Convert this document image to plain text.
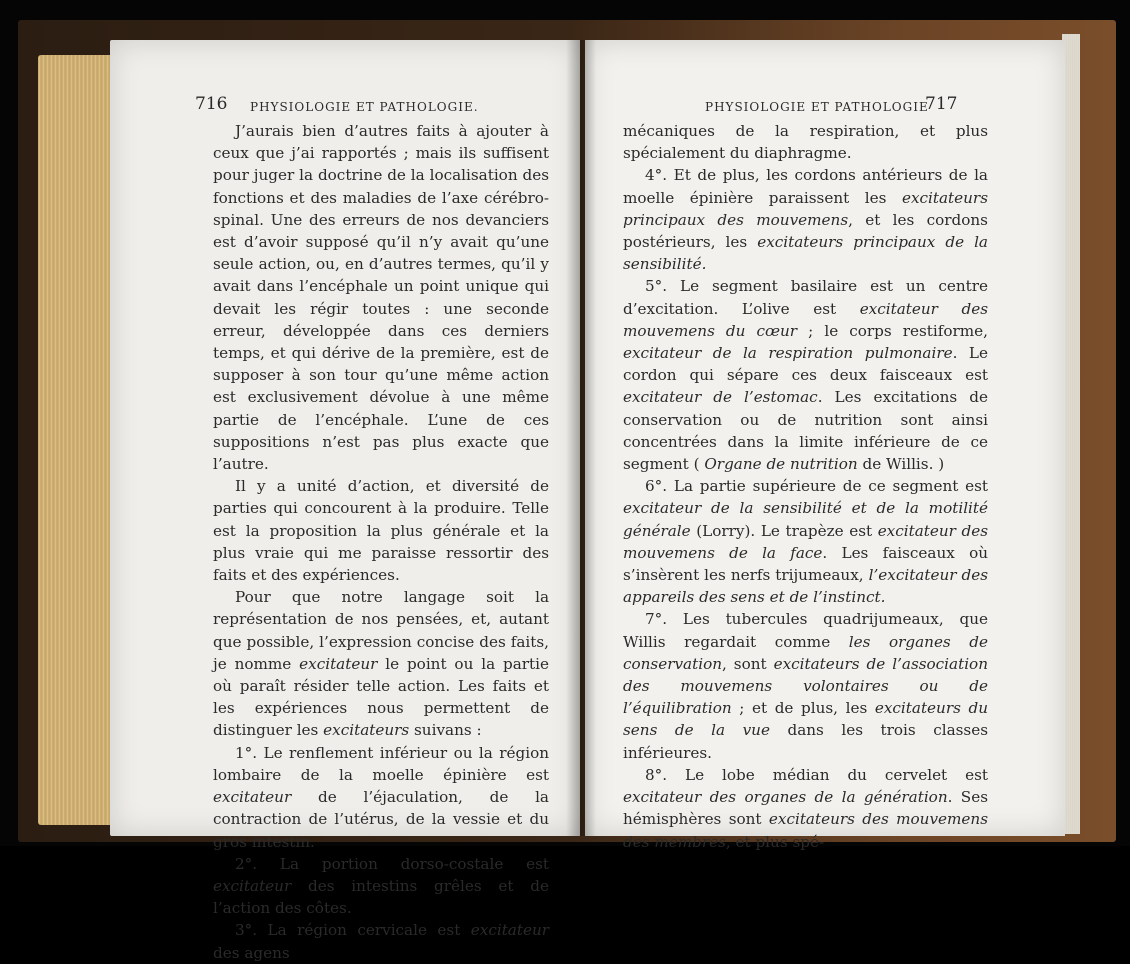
716	PHYSIOLOGIE ET PATHOLOGIE.

J’aurais bien d’autres faits à ajouter à ceux que j’ai rapportés ; mais ils suffisent pour juger la doctrine de la localisation des fonctions et des maladies de l’axe cérébro-spinal. Une des erreurs de nos devanciers est d’avoir supposé qu’il n’y avait qu’une seule action, ou, en d’autres termes, qu’il y avait dans l’encéphale un point unique qui devait les régir toutes : une seconde erreur, développée dans ces derniers temps, et qui dérive de la première, est de supposer à son tour qu’une même action est exclusivement dévolue à une même partie de l’encéphale. L’une de ces suppositions n’est pas plus exacte que l’autre.

Il y a unité d’action, et diversité de parties qui concourent à la produire. Telle est la proposition la plus générale et la plus vraie qui me paraisse ressortir des faits et des expériences.

Pour que notre langage soit la représentation de nos pensées, et, autant que possible, l’expression concise des faits, je nomme excitateur le point ou la partie où paraît résider telle action. Les faits et les expériences nous permettent de distinguer les excitateurs suivans :

1°. Le renflement inférieur ou la région lombaire de la moelle épinière est excitateur de l’éjaculation, de la contraction de l’utérus, de la vessie et du gros intestin.

2°. La portion dorso-costale est excitateur des intestins grêles et de l’action des côtes.

3°. La région cervicale est excitateur des agens

PHYSIOLOGIE ET PATHOLOGIE
717

mécaniques de la respiration, et plus spécialement du diaphragme.

4°. Et de plus, les cordons antérieurs de la moelle épinière paraissent les excitateurs principaux des mouvemens, et les cordons postérieurs, les excitateurs principaux de la sensibilité.

5°. Le segment basilaire est un centre d’excitation. L’olive est excitateur des mouvemens du cœur ; le corps restiforme, excitateur de la respiration pulmonaire. Le cordon qui sépare ces deux faisceaux est excitateur de l’estomac. Les excitations de conservation ou de nutrition sont ainsi concentrées dans la limite inférieure de ce segment ( Organe de nutrition de Willis. )

6°. La partie supérieure de ce segment est excitateur de la sensibilité et de la motilité générale (Lorry). Le trapèze est excitateur des mouvemens de la face. Les faisceaux où s’insèrent les nerfs trijumeaux, l’excitateur des appareils des sens et de l’instinct.

7°. Les tubercules quadrijumeaux, que Willis regardait comme les organes de conservation, sont excitateurs de l’association des mouvemens volontaires ou de l’équilibration ; et de plus, les excitateurs du sens de la vue dans les trois classes inférieures.

8°. Le lobe médian du cervelet est excitateur des organes de la génération. Ses hémisphères sont excitateurs des mouvemens des membres, et plus spé-
